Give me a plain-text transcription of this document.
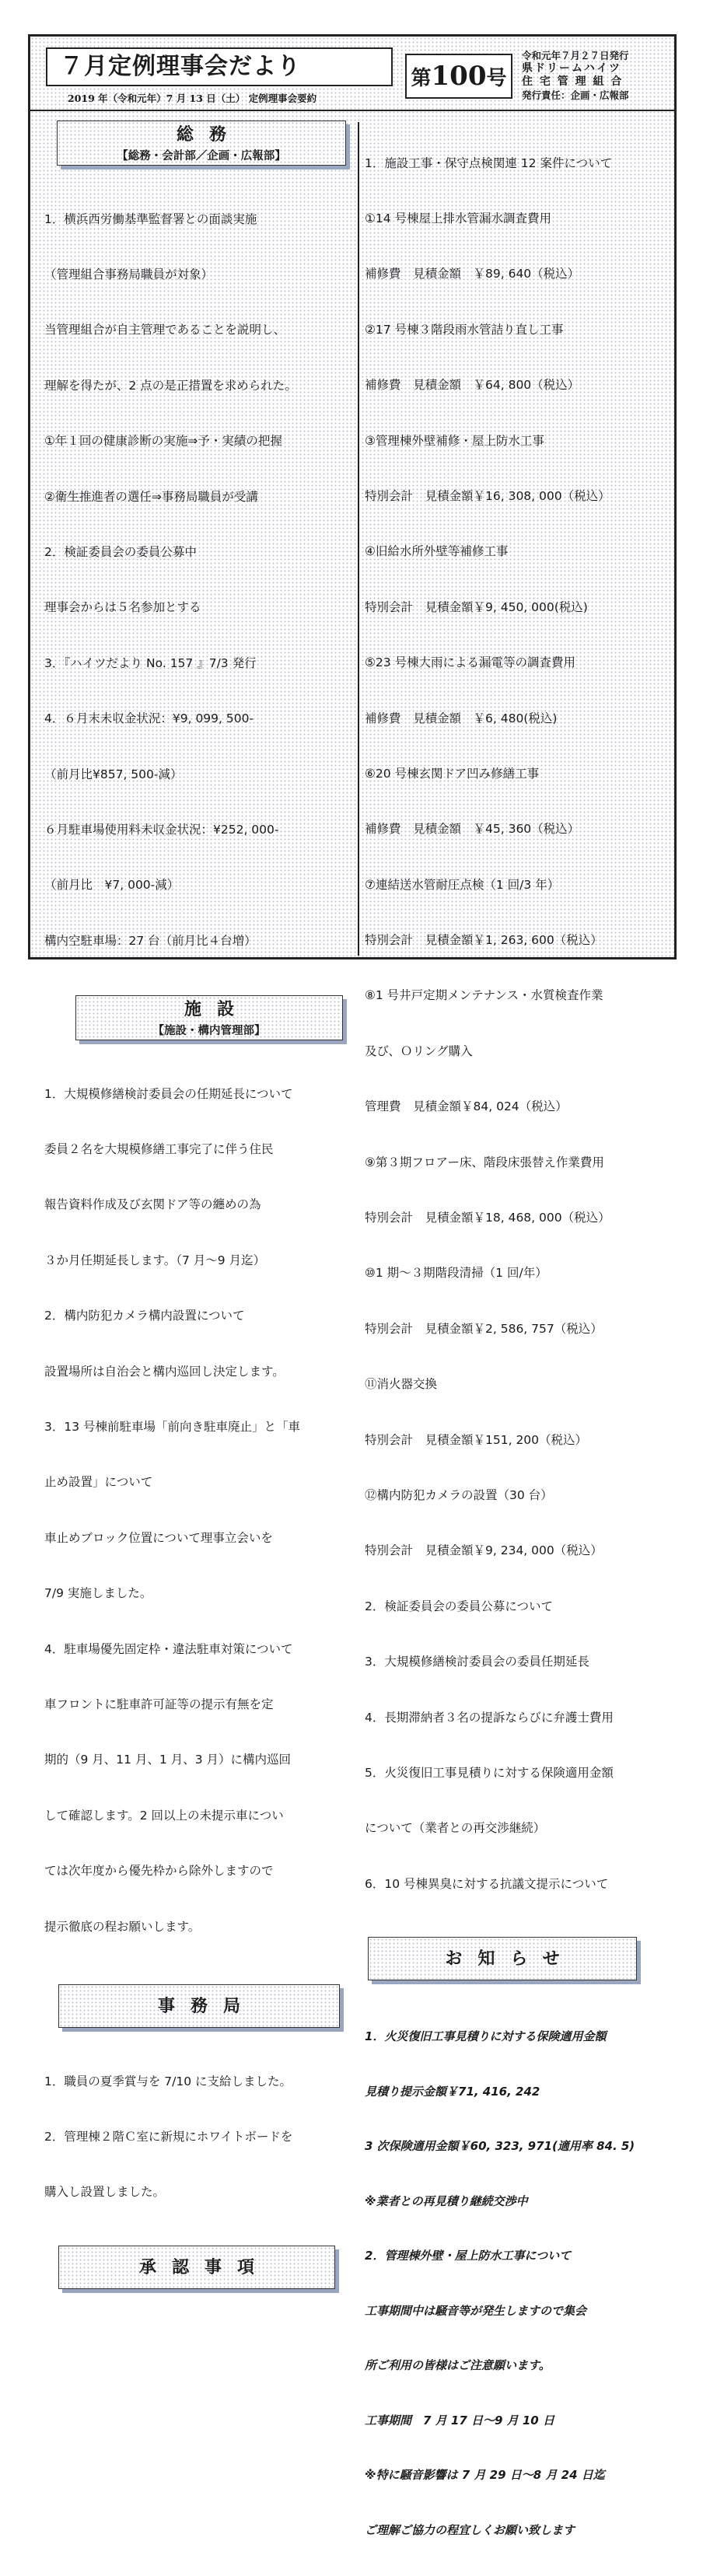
７月定例理事会だより
2019 年（令和元年）7 月 13 日（土） 定例理事会要約
第100号
令和元年７月２７日発行
県ドリームハイツ
住 宅 管 理 組 合
発行責任：企画・広報部
総務
【総務・会計部／企画・広報部】

1．横浜西労働基準監督署との面談実施

（管理組合事務局職員が対象）

当管理組合が自主管理であることを説明し、

理解を得たが、2 点の是正措置を求められた。

①年１回の健康診断の実施⇒予・実績の把握

②衛生推進者の選任⇒事務局職員が受講

2．検証委員会の委員公募中

理事会からは５名参加とする

3．『ハイツだより No. 157 』7/3 発行

4．６月末未収金状況：¥9, 099, 500-

（前月比¥857, 500-減）

６月駐車場使用料未収金状況：¥252, 000-

（前月比　¥7, 000-減）

構内空駐車場：27 台（前月比４台増）

施設
【施設・構内管理部】

1．大規模修繕検討委員会の任期延長について

委員２名を大規模修繕工事完了に伴う住民

報告資料作成及び玄関ドア等の纏めの為

３か月任期延長します。（7 月～9 月迄）

2．構内防犯カメラ構内設置について

設置場所は自治会と構内巡回し決定します。

3．13 号棟前駐車場「前向き駐車廃止」と「車

止め設置」について

車止めブロック位置について理事立会いを

7/9 実施しました。

4．駐車場優先固定枠・違法駐車対策について

車フロントに駐車許可証等の提示有無を定

期的（9 月、11 月、1 月、3 月）に構内巡回

して確認します。2 回以上の未提示車につい

ては次年度から優先枠から除外しますので

提示徹底の程お願いします。

事務局

1．職員の夏季賞与を 7/10 に支給しました。

2．管理棟２階Ｃ室に新規にホワイトボードを

購入し設置しました。

承認事項

1．施設工事・保守点検関連 12 案件について

①14 号棟屋上排水管漏水調査費用

補修費　見積金額　￥89, 640（税込）

②17 号棟３階段雨水管詰り直し工事

補修費　見積金額　￥64, 800（税込）

③管理棟外壁補修・屋上防水工事

特別会計　見積金額￥16, 308, 000（税込）

④旧給水所外壁等補修工事

特別会計　見積金額￥9, 450, 000(税込)

⑤23 号棟大雨による漏電等の調査費用

補修費　見積金額　￥6, 480(税込)

⑥20 号棟玄関ドア凹み修繕工事

補修費　見積金額　￥45, 360（税込）

⑦連結送水管耐圧点検（1 回/3 年）

特別会計　見積金額￥1, 263, 600（税込）

⑧1 号井戸定期メンテナンス・水質検査作業

及び、Ｏリング購入

管理費　見積金額￥84, 024（税込）

⑨第３期フロアー床、階段床張替え作業費用

特別会計　見積金額￥18, 468, 000（税込）

⑩1 期～３期階段清掃（1 回/年）

特別会計　見積金額￥2, 586, 757（税込）

⑪消火器交換

特別会計　見積金額￥151, 200（税込）

⑫構内防犯カメラの設置（30 台）

特別会計　見積金額￥9, 234, 000（税込）

2．検証委員会の委員公募について

3．大規模修繕検討委員会の委員任期延長

4．長期滞納者３名の提訴ならびに弁護士費用

5．火災復旧工事見積りに対する保険適用金額

について（業者との再交渉継続）

6．10 号棟異臭に対する抗議文提示について

お知らせ

1．火災復旧工事見積りに対する保険適用金額

見積り提示金額￥71, 416, 242

3 次保険適用金額￥60, 323, 971(適用率 84. 5)

※業者との再見積り継続交渉中

2．管理棟外壁・屋上防水工事について

工事期間中は騒音等が発生しますので集会

所ご利用の皆様はご注意願います。

工事期間　7 月 17 日～9 月 10 日

※特に騒音影響は 7 月 29 日～8 月 24 日迄

ご理解ご協力の程宜しくお願い致します
